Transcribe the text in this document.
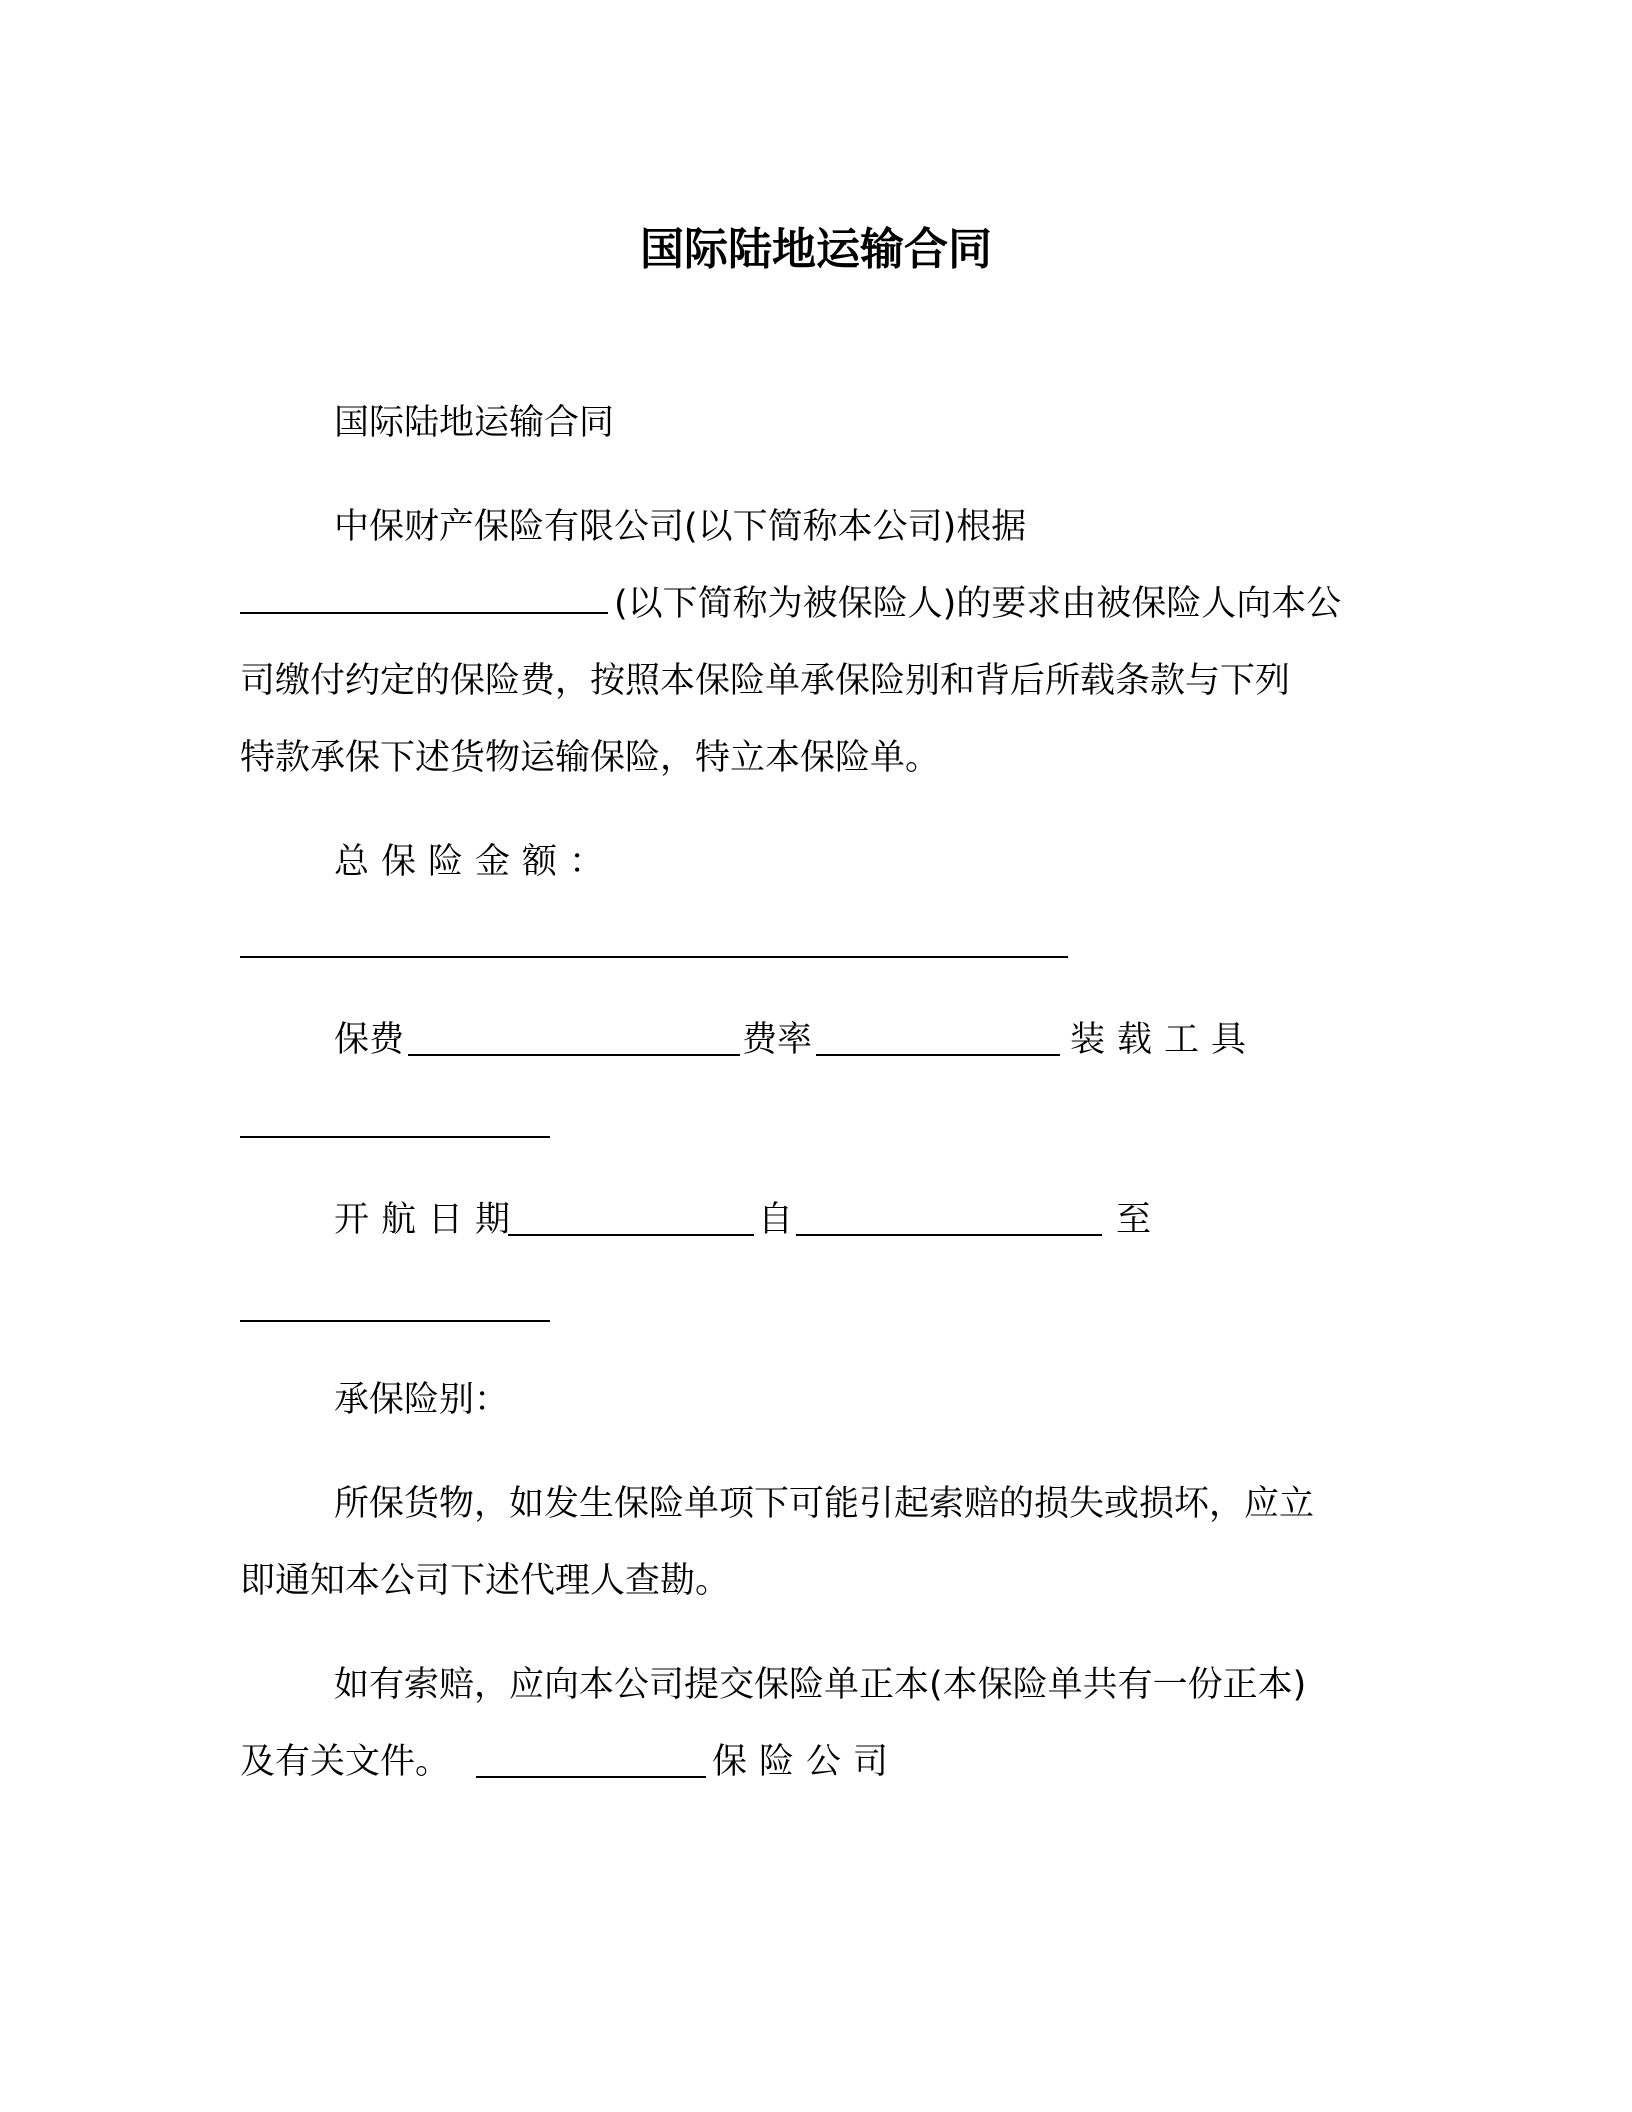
国际陆地运输合同
国际陆地运输合同
中保财产保险有限公司(以下简称本公司)根据
(以下简称为被保险人)的要求由被保险人向本公
司缴付约定的保险费，按照本保险单承保险别和背后所载条款与下列
特款承保下述货物运输保险，特立本保险单。
总保险金额：
保费	费率	装载工具
开航日期	自	至
承保险别：
所保货物，如发生保险单项下可能引起索赔的损失或损坏，应立
即通知本公司下述代理人查勘。
如有索赔，应向本公司提交保险单正本(本保险单共有一份正本)
及有关文件。	保险公司
